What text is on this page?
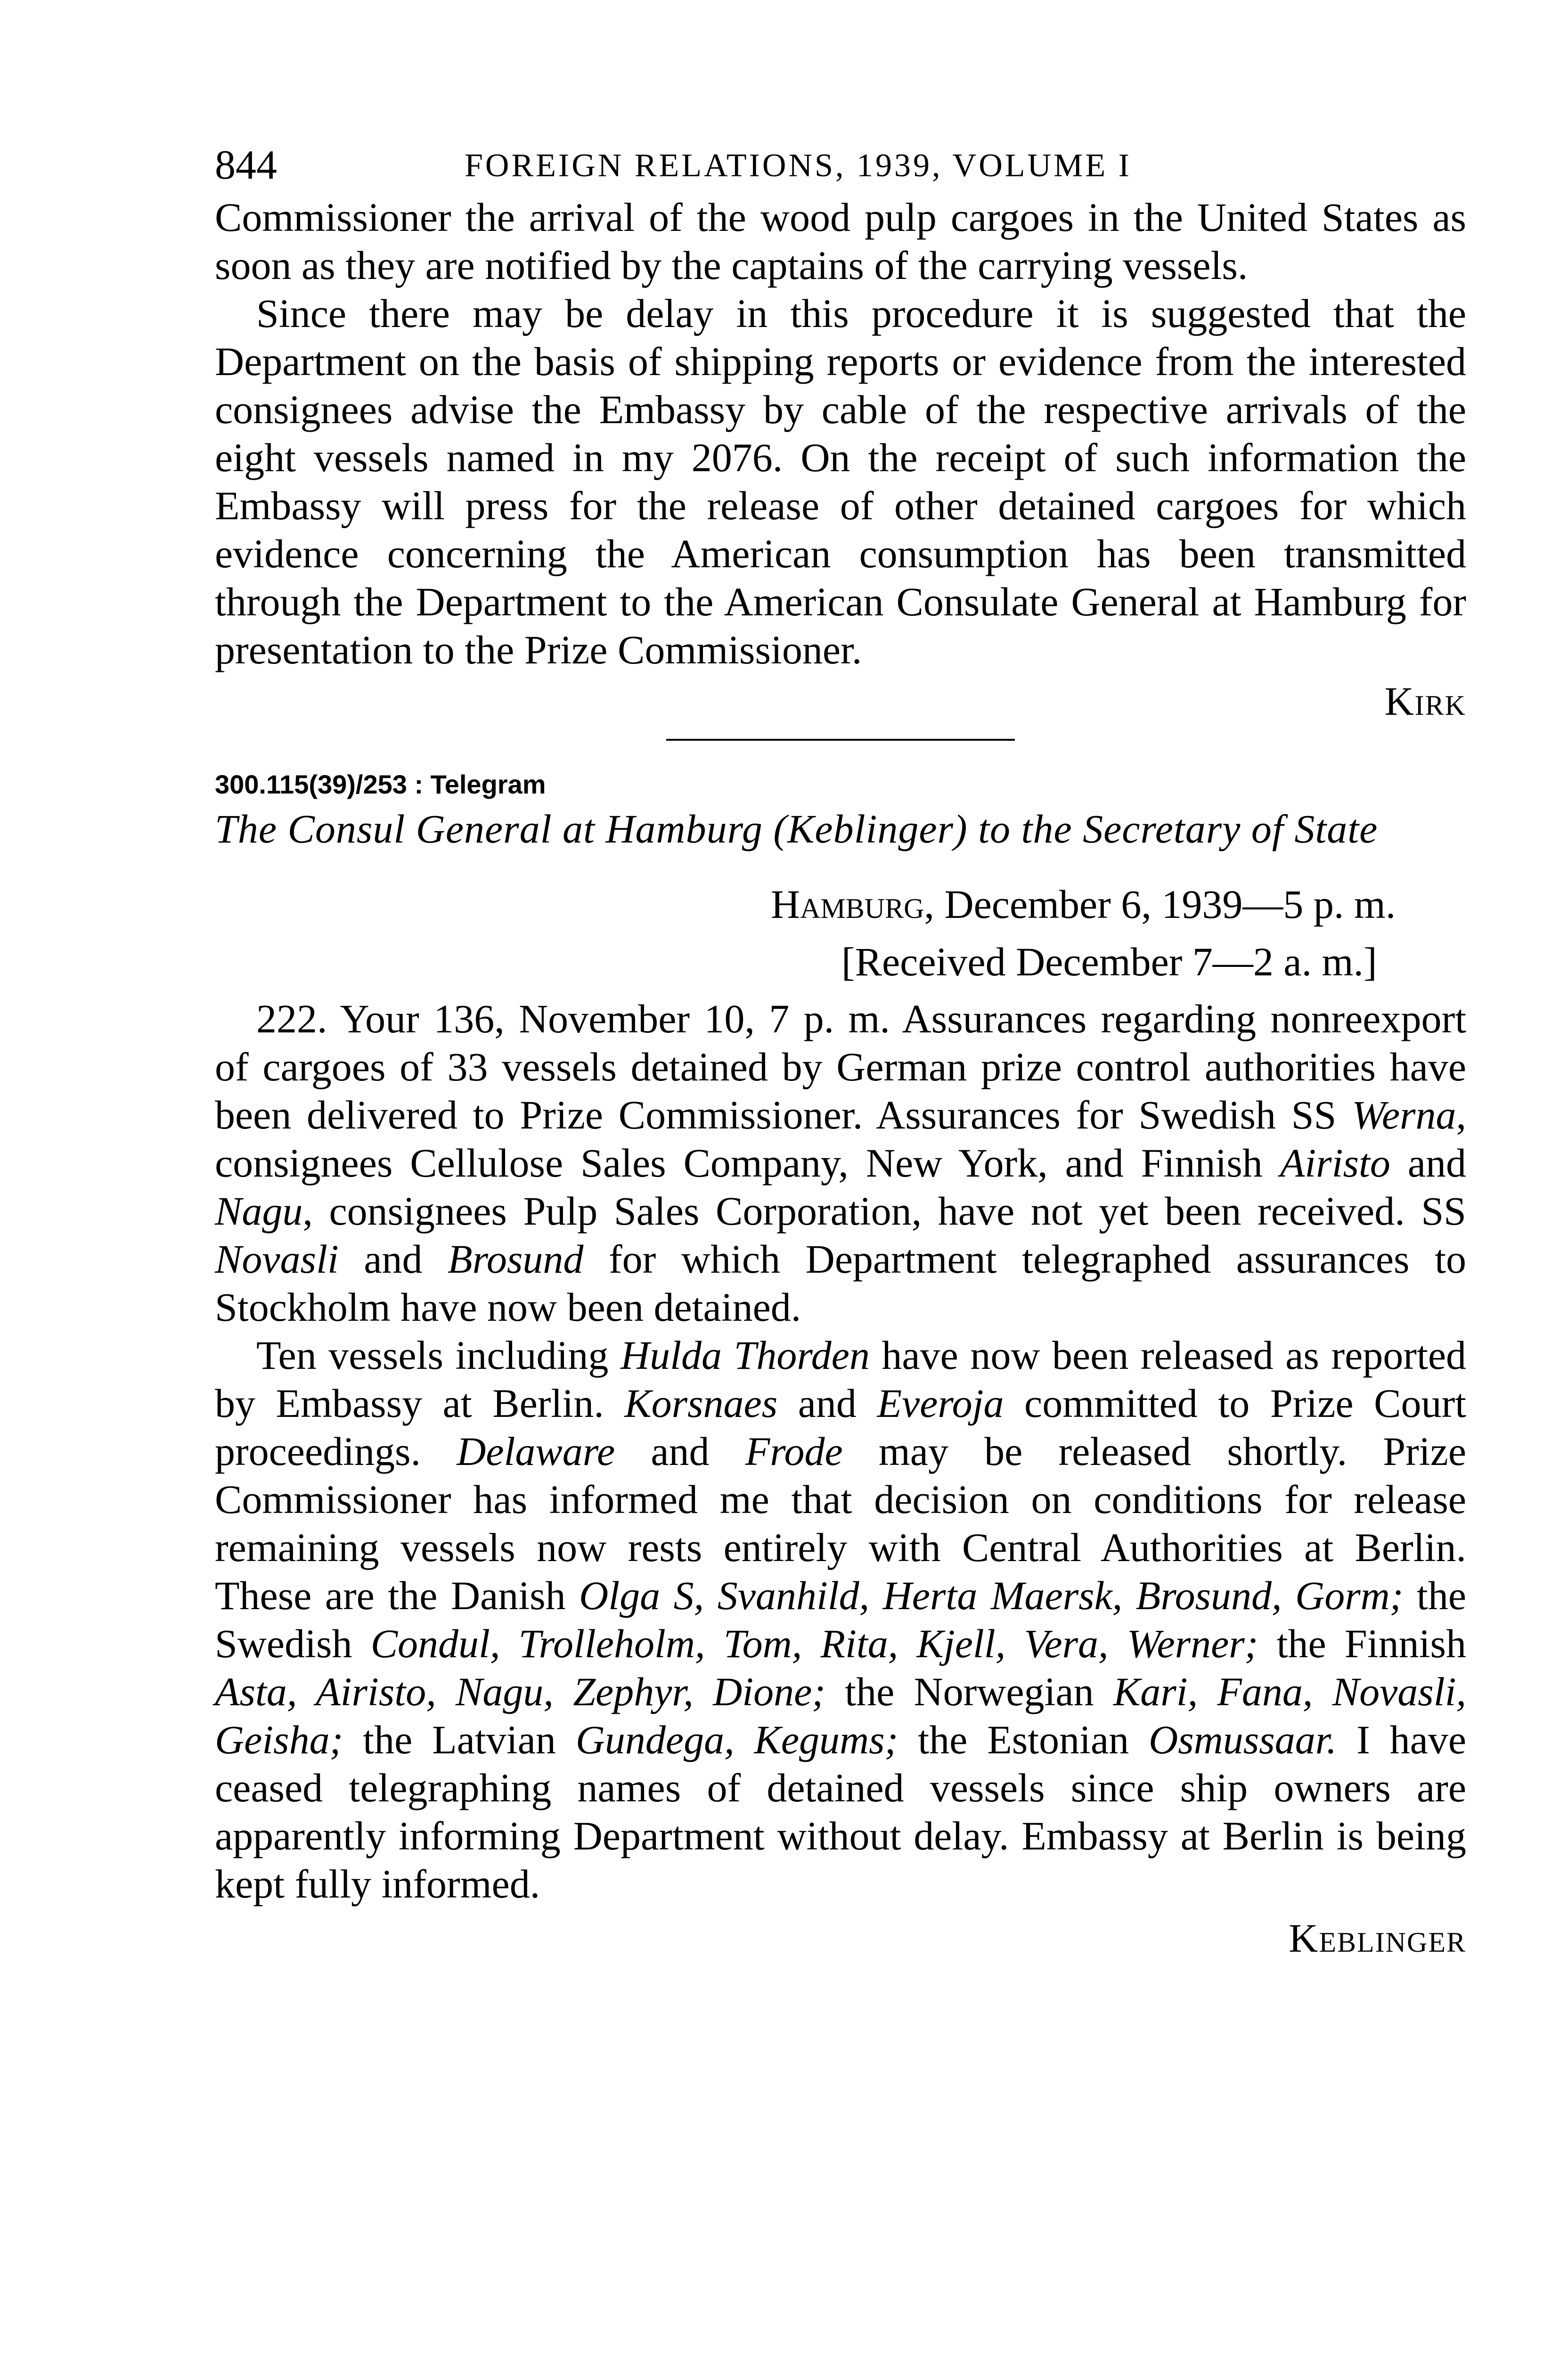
844	FOREIGN RELATIONS, 1939, VOLUME I

Commissioner the arrival of the wood pulp cargoes in the United States as soon as they are notified by the captains of the carrying vessels.

Since there may be delay in this procedure it is suggested that the Department on the basis of shipping reports or evidence from the interested consignees advise the Embassy by cable of the respective arrivals of the eight vessels named in my 2076. On the receipt of such information the Embassy will press for the release of other detained cargoes for which evidence concerning the American consumption has been transmitted through the Department to the American Consulate General at Hamburg for presentation to the Prize Commissioner.

Kirk

300.115(39)/253 : Telegram

The Consul General at Hamburg (Keblinger) to the Secretary of State

Hamburg, December 6, 1939—5 p. m.

[Received December 7—2 a. m.]

222. Your 136, November 10, 7 p. m. Assurances regarding nonreexport of cargoes of 33 vessels detained by German prize control authorities have been delivered to Prize Commissioner. Assurances for Swedish SS Werna, consignees Cellulose Sales Company, New York, and Finnish Airisto and Nagu, consignees Pulp Sales Corporation, have not yet been received. SS Novasli and Brosund for which Department telegraphed assurances to Stockholm have now been detained.

Ten vessels including Hulda Thorden have now been released as reported by Embassy at Berlin. Korsnaes and Everoja committed to Prize Court proceedings. Delaware and Frode may be released shortly. Prize Commissioner has informed me that decision on conditions for release remaining vessels now rests entirely with Central Authorities at Berlin. These are the Danish Olga S, Svanhild, Herta Maersk, Brosund, Gorm; the Swedish Condul, Trolleholm, Tom, Rita, Kjell, Vera, Werner; the Finnish Asta, Airisto, Nagu, Zephyr, Dione; the Norwegian Kari, Fana, Novasli, Geisha; the Latvian Gundega, Kegums; the Estonian Osmussaar. I have ceased telegraphing names of detained vessels since ship owners are apparently informing Department without delay. Embassy at Berlin is being kept fully informed.

Keblinger
